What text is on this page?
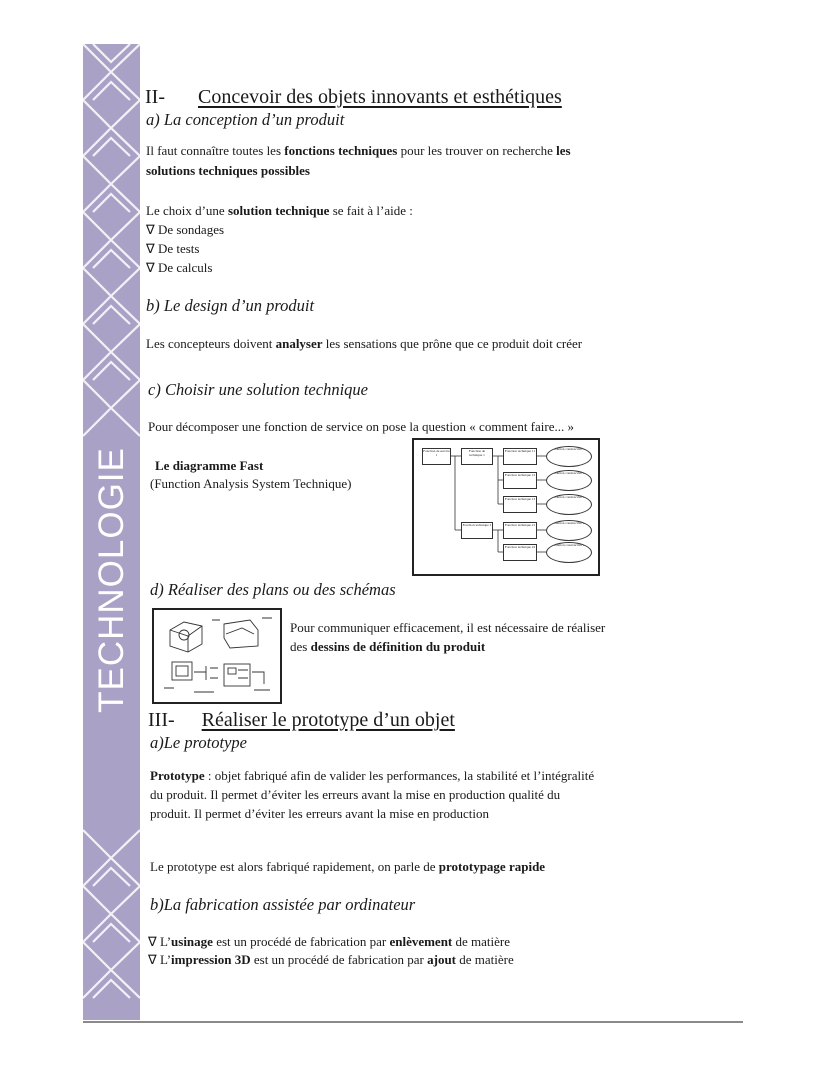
TECHNOLOGIE
II- Concevoir des objets innovants et esthétiques
a) La conception d’un produit
Il faut connaître toutes les fonctions techniques pour les trouver on recherche les
solutions techniques possibles
Le choix d’une solution technique se fait à l’aide :
∇ De sondages
∇ De tests
∇ De calculs
b) Le design d’un produit
Les concepteurs doivent analyser les sensations que prône que ce produit doit créer
c) Choisir une solution technique
Pour décomposer une fonction de service on pose la question « comment faire... »
Le diagramme Fast
(Function Analysis System Technique)
Fonction de service 1
Fonction de technique 1
Fonction technique 2
Fonction technique 11
Fonction technique 12
Fonction technique 13
Fonction technique 21
Fonction technique 22
Solution constructive A
Solution constructive B
Solution constructive C
Solution constructive D
Solution constructive E
d) Réaliser des plans ou des schémas
Pour communiquer efficacement, il est nécessaire de réaliser
des dessins de définition du produit
III- Réaliser le prototype d’un objet
a)Le prototype
Prototype : objet fabriqué afin de valider les performances, la stabilité et l’intégralité
du produit. Il permet d’éviter les erreurs avant la mise en production qualité du
produit. Il permet d’éviter les erreurs avant la mise en production
Le prototype est alors fabriqué rapidement, on parle de prototypage rapide
b)La fabrication assistée par ordinateur
∇ L’usinage est un procédé de fabrication par enlèvement de matière
∇ L’impression 3D est un procédé de fabrication par ajout de matière
